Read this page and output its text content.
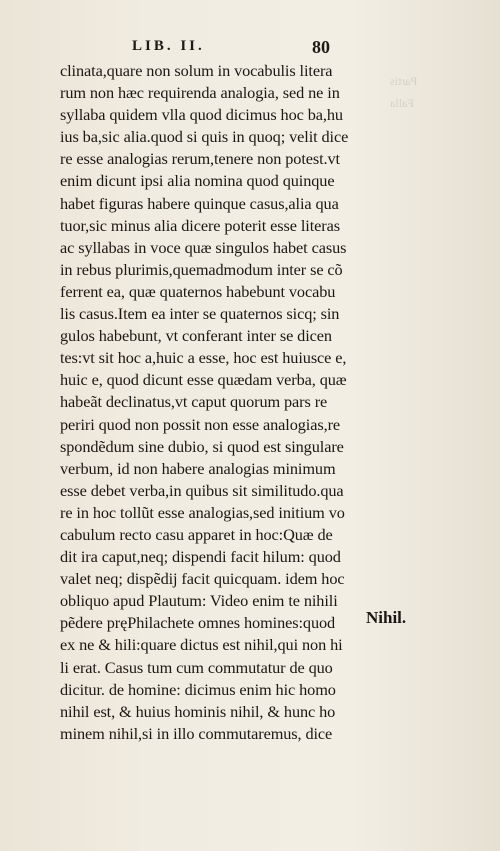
Partis
Falla
LIB. II.	80
clinata,quare non solum in vocabulis litera
rum non hæc requirenda analogia, sed ne in
syllaba quidem vlla quod dicimus hoc ba,hu
ius ba,sic alia.quod si quis in quoq; velit dice
re esse analogias rerum,tenere non potest.vt
enim dicunt ipsi alia nomina quod quinque
habet figuras habere quinque casus,alia qua
tuor,sic minus alia dicere poterit esse literas
ac syllabas in voce quæ singulos habet casus
in rebus plurimis,quemadmodum inter se cõ
ferrent ea, quæ quaternos habebunt vocabu
lis casus.Item ea inter se quaternos sicq; sin
gulos habebunt, vt conferant inter se dicen
tes:vt sit hoc a,huic a esse, hoc est huiusce e,
huic e, quod dicunt esse quædam verba, quæ
habeãt declinatus,vt caput quorum pars re
periri quod non possit non esse analogias,re
spondẽdum sine dubio, si quod est singulare
verbum, id non habere analogias minimum
esse debet verba,in quibus sit similitudo.qua
re in hoc tollũt esse analogias,sed initium vo
cabulum recto casu apparet in hoc:Quæ de
dit ira caput,neq; dispendi facit hilum: quod
valet neq; dispẽdij facit quicquam. idem hoc
obliquo apud Plautum: Video enim te nihili
pẽdere pręPhilachete omnes homines:quod
ex ne & hili:quare dictus est nihil,qui non hi
li erat. Casus tum cum commutatur de quo
dicitur. de homine: dicimus enim hic homo
nihil est, & huius hominis nihil, & hunc ho
minem nihil,si in illo commutaremus, dice
Nihil.
